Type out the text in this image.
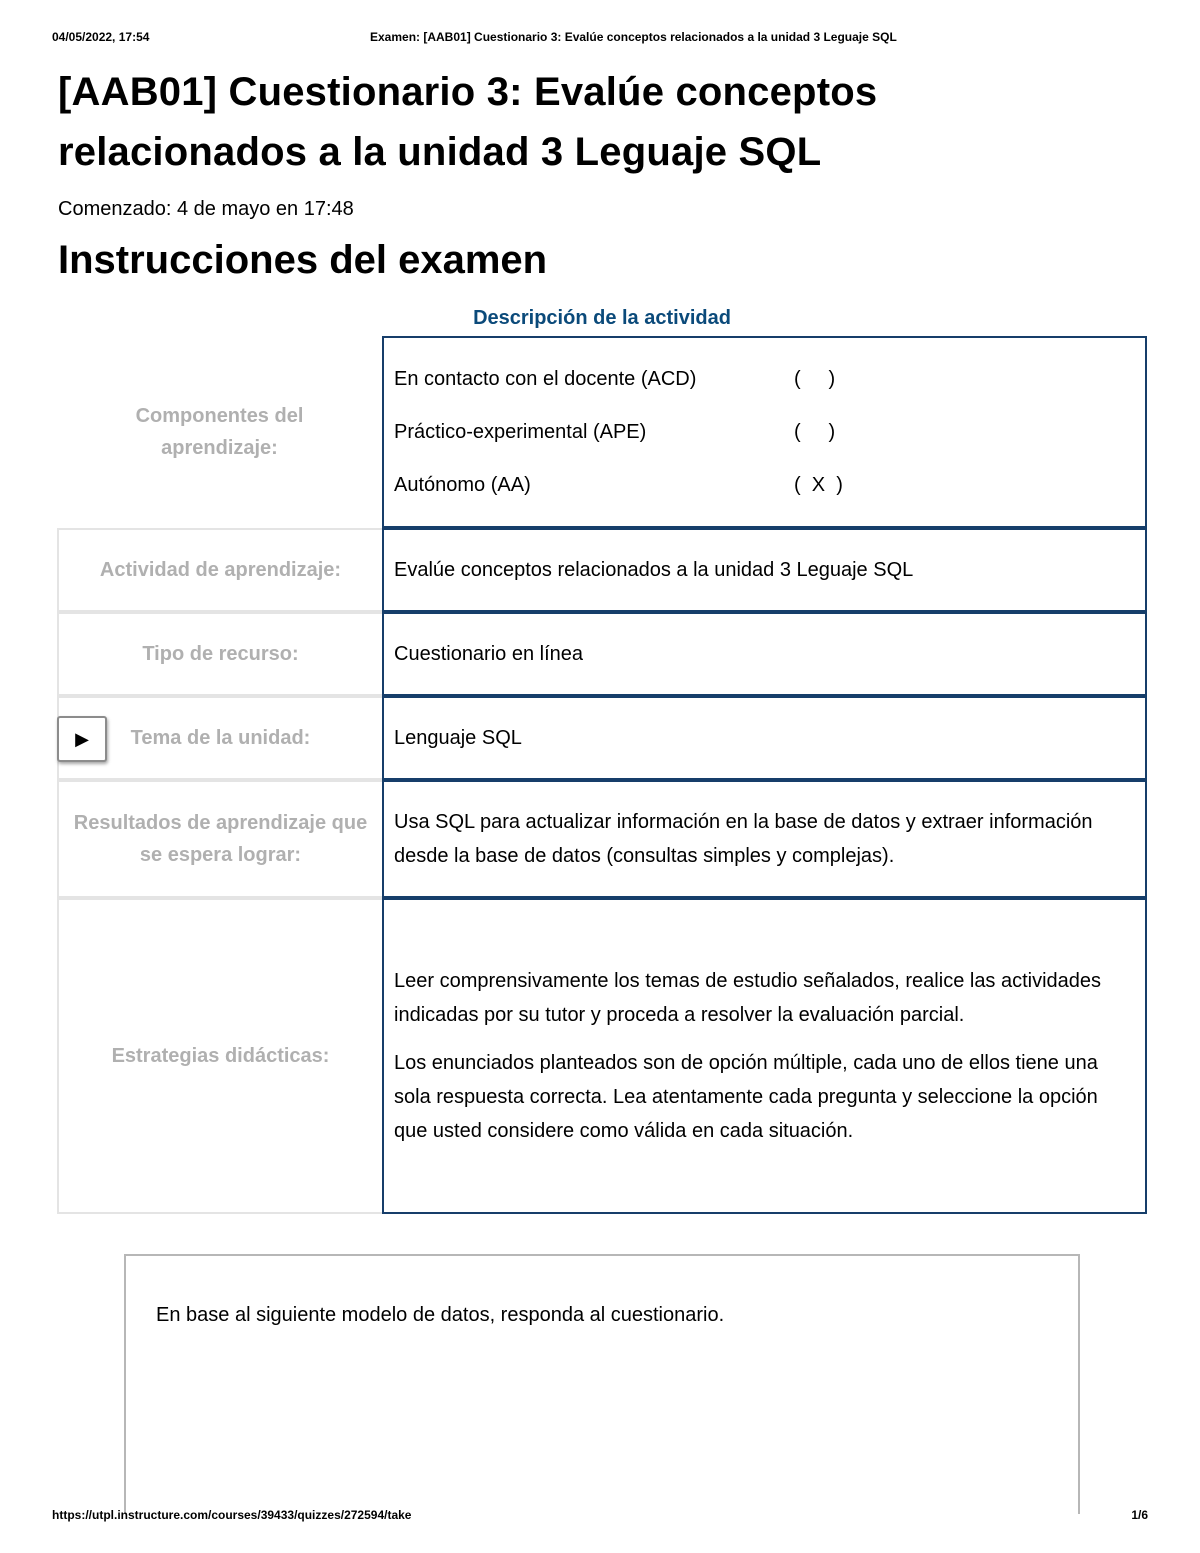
04/05/2022, 17:54	Examen: [AAB01] Cuestionario 3: Evalúe conceptos relacionados a la unidad 3 Leguaje SQL
[AAB01] Cuestionario 3: Evalúe conceptos relacionados a la unidad 3 Leguaje SQL
Comenzado: 4 de mayo en 17:48
Instrucciones del examen
Descripción de la actividad
Componentes del aprendizaje:
En contacto con el docente (ACD)	(     )
Práctico-experimental (APE)	(     )
Autónomo (AA)	(  X  )
Actividad de aprendizaje:	Evalúe conceptos relacionados a la unidad 3 Leguaje SQL
Tipo de recurso:	Cuestionario en línea
Tema de la unidad:	Lenguaje SQL
▶
Resultados de aprendizaje que se espera lograr:
Usa SQL para actualizar información en la base de datos y extraer información desde la base de datos (consultas simples y complejas).
Estrategias didácticas:

Leer comprensivamente los temas de estudio señalados, realice las actividades indicadas por su tutor y proceda a resolver la evaluación parcial.

Los enunciados planteados son de opción múltiple, cada uno de ellos tiene una sola respuesta correcta. Lea atentamente cada pregunta y seleccione la opción que usted considere como válida en cada situación.

En base al siguiente modelo de datos, responda al cuestionario.
https://utpl.instructure.com/courses/39433/quizzes/272594/take	1/6
